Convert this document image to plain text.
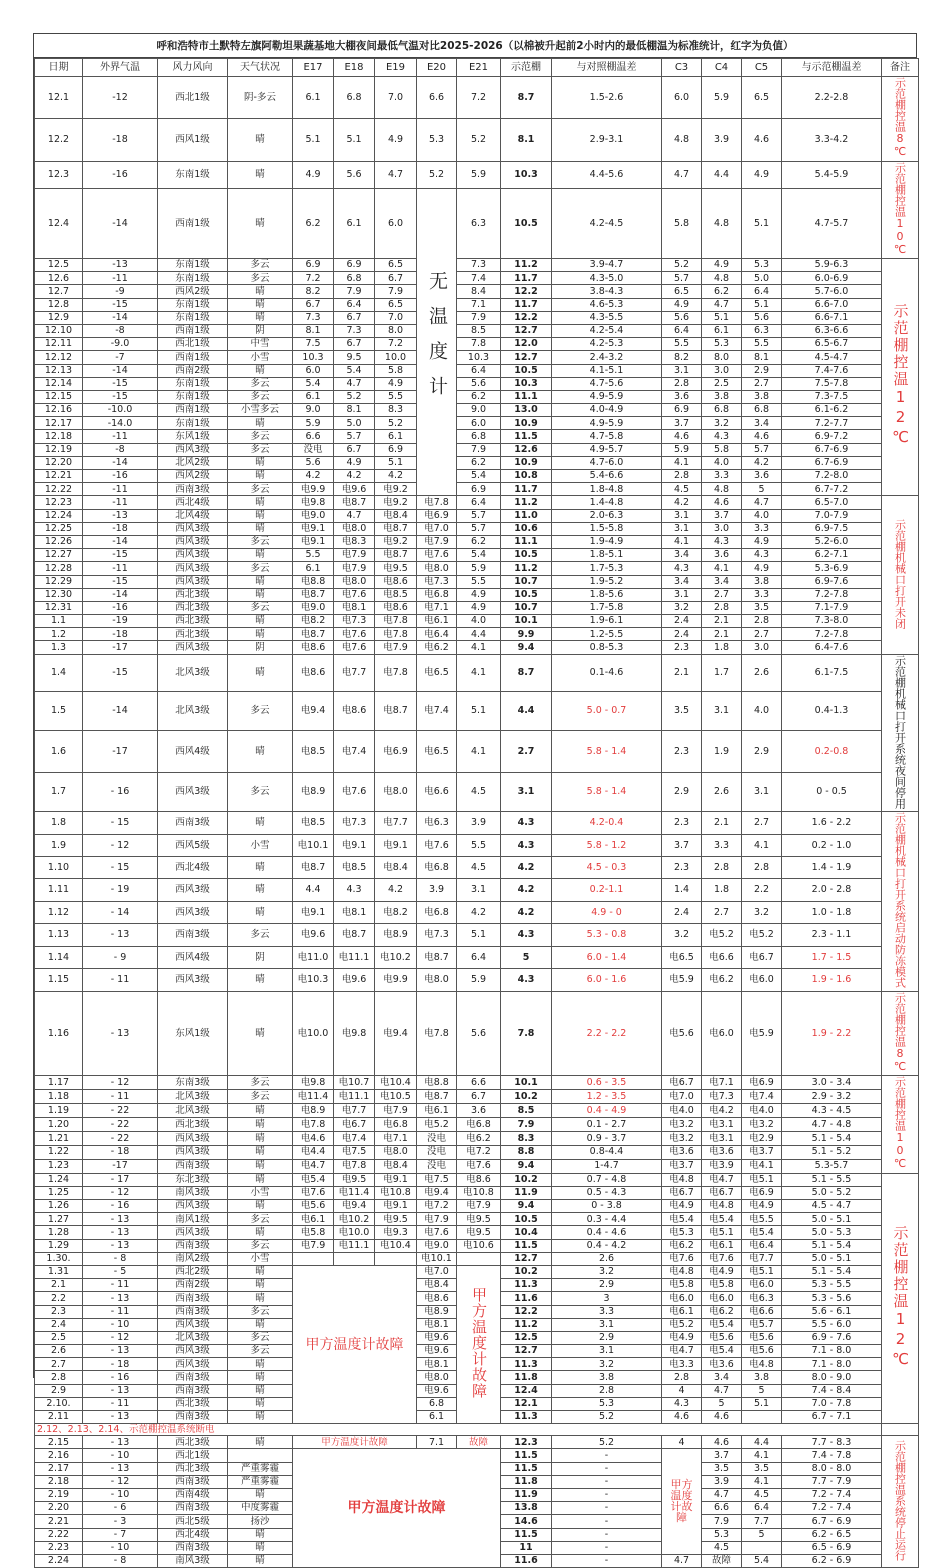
呼和浩特市土默特左旗阿勒坦果蔬基地大棚夜间最低气温对比2025-2026（以棉被升起前2小时内的最低棚温为标准统计，红字为负值）
日期	外界气温	风力风向	天气状况	E17	E18	E19	E20	E21	示范棚	与对照棚温差	C3	C4	C5	与示范棚温差	备注
12.1	-12	西北1级	阴-多云	6.1	6.8	7.0	6.6	7.2	8.7	1.5-2.6	6.0	5.9	6.5	2.2-2.8	示范棚控温8℃
12.2	-18	西风1级	晴	5.1	5.1	4.9	5.3	5.2	8.1	2.9-3.1	4.8	3.9	4.6	3.3-4.2	
12.3	-16	东南1级	晴	4.9	5.6	4.7	5.2	5.9	10.3	4.4-5.6	4.7	4.4	4.9	5.4-5.9	示范棚控温10℃
12.4	-14	西南1级	晴	6.2	6.1	6.0	无温度计	6.3	10.5	4.2-4.5	5.8	4.8	5.1	4.7-5.7	
12.5	-13	东南1级	多云	6.9	6.9	6.5		7.3	11.2	3.9-4.7	5.2	4.9	5.3	5.9-6.3	示范棚控温12℃
12.6	-11	东南1级	多云	7.2	6.8	6.7		7.4	11.7	4.3-5.0	5.7	4.8	5.0	6.0-6.9	
12.7	-9	西风2级	晴	8.2	7.9	7.9		8.4	12.2	3.8-4.3	6.5	6.2	6.4	5.7-6.0	
12.8	-15	东南1级	晴	6.7	6.4	6.5		7.1	11.7	4.6-5.3	4.9	4.7	5.1	6.6-7.0	
12.9	-14	东南1级	晴	7.3	6.7	7.0		7.9	12.2	4.3-5.5	5.6	5.1	5.6	6.6-7.1	
12.10	-8	西南1级	阴	8.1	7.3	8.0		8.5	12.7	4.2-5.4	6.4	6.1	6.3	6.3-6.6	
12.11	-9.0	西北1级	中雪	7.5	6.7	7.2		7.8	12.0	4.2-5.3	5.5	5.3	5.5	6.5-6.7	
12.12	-7	西南1级	小雪	10.3	9.5	10.0		10.3	12.7	2.4-3.2	8.2	8.0	8.1	4.5-4.7	
12.13	-14	西南2级	晴	6.0	5.4	5.8		6.4	10.5	4.1-5.1	3.1	3.0	2.9	7.4-7.6	
12.14	-15	东南1级	多云	5.4	4.7	4.9		5.6	10.3	4.7-5.6	2.8	2.5	2.7	7.5-7.8	
12.15	-15	东南1级	多云	6.1	5.2	5.5		6.2	11.1	4.9-5.9	3.6	3.8	3.8	7.3-7.5	
12.16	-10.0	西南1级	小雪多云	9.0	8.1	8.3		9.0	13.0	4.0-4.9	6.9	6.8	6.8	6.1-6.2	
12.17	-14.0	东南1级	晴	5.9	5.0	5.2		6.0	10.9	4.9-5.9	3.7	3.2	3.4	7.2-7.7	
12.18	-11	东风1级	多云	6.6	5.7	6.1		6.8	11.5	4.7-5.8	4.6	4.3	4.6	6.9-7.2	
12.19	-8	西风3级	多云	没电	6.7	6.9		7.9	12.6	4.9-5.7	5.9	5.8	5.7	6.7-6.9	
12.20	-14	北风2级	晴	5.6	4.9	5.1		6.2	10.9	4.7-6.0	4.1	4.0	4.2	6.7-6.9	
12.21	-16	西风2级	晴	4.2	4.2	4.2		5.4	10.8	5.4-6.6	2.8	3.3	3.6	7.2-8.0	
12.22	-11	西南3级	多云	电9.9	电9.6	电9.2		6.9	11.7	1.8-4.8	4.5	4.8	5	6.7-7.2	
12.23	-11	西北4级	晴	电9.8	电8.7	电9.2	电7.8	6.4	11.2	1.4-4.8	4.2	4.6	4.7	6.5-7.0	示范棚机械口打开未闭
12.24	-13	北风4级	晴	电9.0	4.7	电8.4	电6.9	5.7	11.0	2.0-6.3	3.1	3.7	4.0	7.0-7.9	
12.25	-18	西风3级	晴	电9.1	电8.0	电8.7	电7.0	5.7	10.6	1.5-5.8	3.1	3.0	3.3	6.9-7.5	
12.26	-14	西风3级	多云	电9.1	电8.3	电9.2	电7.9	6.2	11.1	1.9-4.9	4.1	4.3	4.9	5.2-6.0	
12.27	-15	西风3级	晴	5.5	电7.9	电8.7	电7.6	5.4	10.5	1.8-5.1	3.4	3.6	4.3	6.2-7.1	
12.28	-11	西风3级	多云	6.1	电7.9	电9.5	电8.0	5.9	11.2	1.7-5.3	4.3	4.1	4.9	5.3-6.9	
12.29	-15	西风3级	晴	电8.8	电8.0	电8.6	电7.3	5.5	10.7	1.9-5.2	3.4	3.4	3.8	6.9-7.6	
12.30	-14	西北3级	晴	电8.7	电7.6	电8.5	电6.8	4.9	10.5	1.8-5.6	3.1	2.7	3.3	7.2-7.8	
12.31	-16	西北3级	多云	电9.0	电8.1	电8.6	电7.1	4.9	10.7	1.7-5.8	3.2	2.8	3.5	7.1-7.9	
1.1	-19	西北3级	晴	电8.2	电7.3	电7.8	电6.1	4.0	10.1	1.9-6.1	2.4	2.1	2.8	7.3-8.0	
1.2	-18	西北3级	晴	电8.7	电7.6	电7.8	电6.4	4.4	9.9	1.2-5.5	2.4	2.1	2.7	7.2-7.8	
1.3	-17	西风3级	阴	电8.6	电7.6	电7.9	电6.2	4.1	9.4	0.8-5.3	2.3	1.8	3.0	6.4-7.6	
1.4	-15	北风3级	晴	电8.6	电7.7	电7.8	电6.5	4.1	8.7	0.1-4.6	2.1	1.7	2.6	6.1-7.5	示范棚机械口打开系统夜间停用
1.5	-14	北风3级	多云	电9.4	电8.6	电8.7	电7.4	5.1	4.4	5.0 - 0.7	3.5	3.1	4.0	0.4-1.3	
1.6	-17	西风4级	晴	电8.5	电7.4	电6.9	电6.5	4.1	2.7	5.8 - 1.4	2.3	1.9	2.9	0.2-0.8	
1.7	- 16	西风3级	多云	电8.9	电7.6	电8.0	电6.6	4.5	3.1	5.8 - 1.4	2.9	2.6	3.1	0 - 0.5	
1.8	- 15	西南3级	晴	电8.5	电7.3	电7.7	电6.3	3.9	4.3	4.2-0.4	2.3	2.1	2.7	1.6 - 2.2	示范棚机械口打开系统启动防冻模式
1.9	- 12	西风5级	小雪	电10.1	电9.1	电9.1	电7.6	5.5	4.3	5.8 - 1.2	3.7	3.3	4.1	0.2 - 1.0	
1.10	- 15	西北4级	晴	电8.7	电8.5	电8.4	电6.8	4.5	4.2	4.5 - 0.3	2.3	2.8	2.8	1.4 - 1.9	
1.11	- 19	西风3级	晴	4.4	4.3	4.2	3.9	3.1	4.2	0.2-1.1	1.4	1.8	2.2	2.0 - 2.8	
1.12	- 14	西风3级	晴	电9.1	电8.1	电8.2	电6.8	4.2	4.2	4.9 - 0	2.4	2.7	3.2	1.0 - 1.8	
1.13	- 13	西南3级	多云	电9.6	电8.7	电8.9	电7.3	5.1	4.3	5.3 - 0.8	3.2	电5.2	电5.2	2.3 - 1.1	
1.14	- 9	西风4级	阴	电11.0	电11.1	电10.2	电8.7	6.4	5	6.0 - 1.4	电6.5	电6.6	电6.7	1.7 - 1.5	
1.15	- 11	西风3级	晴	电10.3	电9.6	电9.9	电8.0	5.9	4.3	6.0 - 1.6	电5.9	电6.2	电6.0	1.9 - 1.6	
1.16	- 13	东风1级	晴	电10.0	电9.8	电9.4	电7.8	5.6	7.8	2.2 - 2.2	电5.6	电6.0	电5.9	1.9 - 2.2	示范棚控温8℃
1.17	- 12	东南3级	多云	电9.8	电10.7	电10.4	电8.8	6.6	10.1	0.6 - 3.5	电6.7	电7.1	电6.9	3.0 - 3.4	示范棚控温10℃
1.18	- 11	北风3级	多云	电11.4	电11.1	电10.5	电8.7	6.7	10.2	1.2 - 3.5	电7.0	电7.3	电7.4	2.9 - 3.2	
1.19	- 22	北风3级	晴	电8.9	电7.7	电7.9	电6.1	3.6	8.5	0.4 - 4.9	电4.0	电4.2	电4.0	4.3 - 4.5	
1.20	- 22	西北3级	晴	电7.8	电6.7	电6.8	电5.2	电6.8	7.9	0.1 - 2.7	电3.2	电3.1	电3.2	4.7 - 4.8	
1.21	- 22	西风3级	晴	电4.6	电7.4	电7.1	没电	电6.2	8.3	0.9 - 3.7	电3.2	电3.1	电2.9	5.1 - 5.4	
1.22	- 18	西风3级	晴	电4.4	电7.5	电8.0	没电	电7.2	8.8	0.8-4.4	电3.6	电3.6	电3.7	5.1 - 5.2	
1.23	-17	西南3级	晴	电4.7	电7.8	电8.4	没电	电7.6	9.4	1-4.7	电3.7	电3.9	电4.1	5.3-5.7	
1.24	- 17	东北3级	晴	电5.4	电9.5	电9.1	电7.5	电8.6	10.2	0.7 - 4.8	电4.8	电4.7	电5.1	5.1 - 5.5	示范棚控温12℃
1.25	- 12	南风3级	小雪	电7.6	电11.4	电10.8	电9.4	电10.8	11.9	0.5 - 4.3	电6.7	电6.7	电6.9	5.0 - 5.2	
1.26	- 16	西风3级	晴	电5.6	电9.4	电9.1	电7.2	电7.9	9.4	0 - 3.8	电4.9	电4.8	电4.9	4.5 - 4.7	
1.27	- 13	南风1级	多云	电6.1	电10.2	电9.5	电7.9	电9.5	10.5	0.3 - 4.4	电5.4	电5.4	电5.5	5.0 - 5.1	
1.28	- 13	西风3级	晴	电5.8	电10.0	电9.3	电7.6	电9.5	10.4	0.4 - 4.6	电5.3	电5.1	电5.4	5.0 - 5.3	
1.29	- 13	西南3级	多云	电7.9	电11.1	电10.4	电9.0	电10.6	11.5	0.4 - 4.2	电6.2	电6.1	电6.4	5.1 - 5.4	
1.30.	- 8	南风2级	小雪				电10.1		12.7	2.6	电7.6	电7.6	电7.7	5.0 - 5.1	
1.31	- 5	西北2级	晴	甲方温度计故障			电7.0	甲方温度计故障	10.2	3.2	电4.8	电4.9	电5.1	5.1 - 5.4	
2.1	- 11	西南2级	晴				电8.4		11.3	2.9	电5.8	电5.8	电6.0	5.3 - 5.5	
2.2	- 13	西南3级	晴				电8.6		11.6	3	电6.0	电6.0	电6.3	5.3 - 5.6	
2.3	- 11	西南3级	多云				电8.9		12.2	3.3	电6.1	电6.2	电6.6	5.6 - 6.1	
2.4	- 10	西风3级	晴				电8.1		11.2	3.1	电5.2	电5.4	电5.7	5.5 - 6.0	
2.5	- 12	北风3级	多云				电9.6		12.5	2.9	电4.9	电5.6	电5.6	6.9 - 7.6	
2.6	- 13	西风3级	多云				电9.6		12.7	3.1	电4.7	电5.4	电5.6	7.1 - 8.0	
2.7	- 18	西风3级	晴				电8.1		11.3	3.2	电3.3	电3.6	电4.8	7.1 - 8.0	
2.8	- 16	西南3级	晴				电8.0		11.8	3.8	2.8	3.4	3.8	8.0 - 9.0	
2.9	- 13	西南3级	晴				电9.6		12.4	2.8	4	4.7	5	7.4 - 8.4	
2.10.	- 11	西北3级	晴				6.8		12.1	5.3	4.3	5	5.1	7.0 - 7.8	
2.11	- 13	西南3级	晴				6.1		11.3	5.2	4.6	4.6		6.7 - 7.1	
2.12、2.13、2.14、示范棚控温系统断电															
2.15	- 13	西北3级	晴	甲方温度计故障			7.1	故障	12.3	5.2	4	4.6	4.4	7.7 - 8.3	示范棚控温系统停止运行
2.16	- 10	西北1级		甲方温度计故障					11.5	-	甲方温度计故障	3.7	4.1	7.4 - 7.8	
2.17	- 13	西北3级	严重雾霾						11.5	-		3.5	3.5	8.0 - 8.0	
2.18	- 12	西南3级	严重雾霾						11.8	-		3.9	4.1	7.7 - 7.9	
2.19	- 10	西南4级	晴						11.9	-		4.7	4.5	7.2 - 7.4	
2.20	- 6	西南3级	中度雾霾						13.8	-		6.6	6.4	7.2 - 7.4	
2.21	- 3	西北5级	扬沙						14.6	-		7.9	7.7	6.7 - 6.9	
2.22	- 7	西北4级	晴						11.5	-		5.3	5	6.2 - 6.5	
2.23	- 10	西南3级	晴						11	-		4.5		6.5 - 6.9	
2.24	- 8	南风3级	晴						11.6	-	4.7	故障	5.4	6.2 - 6.9	
